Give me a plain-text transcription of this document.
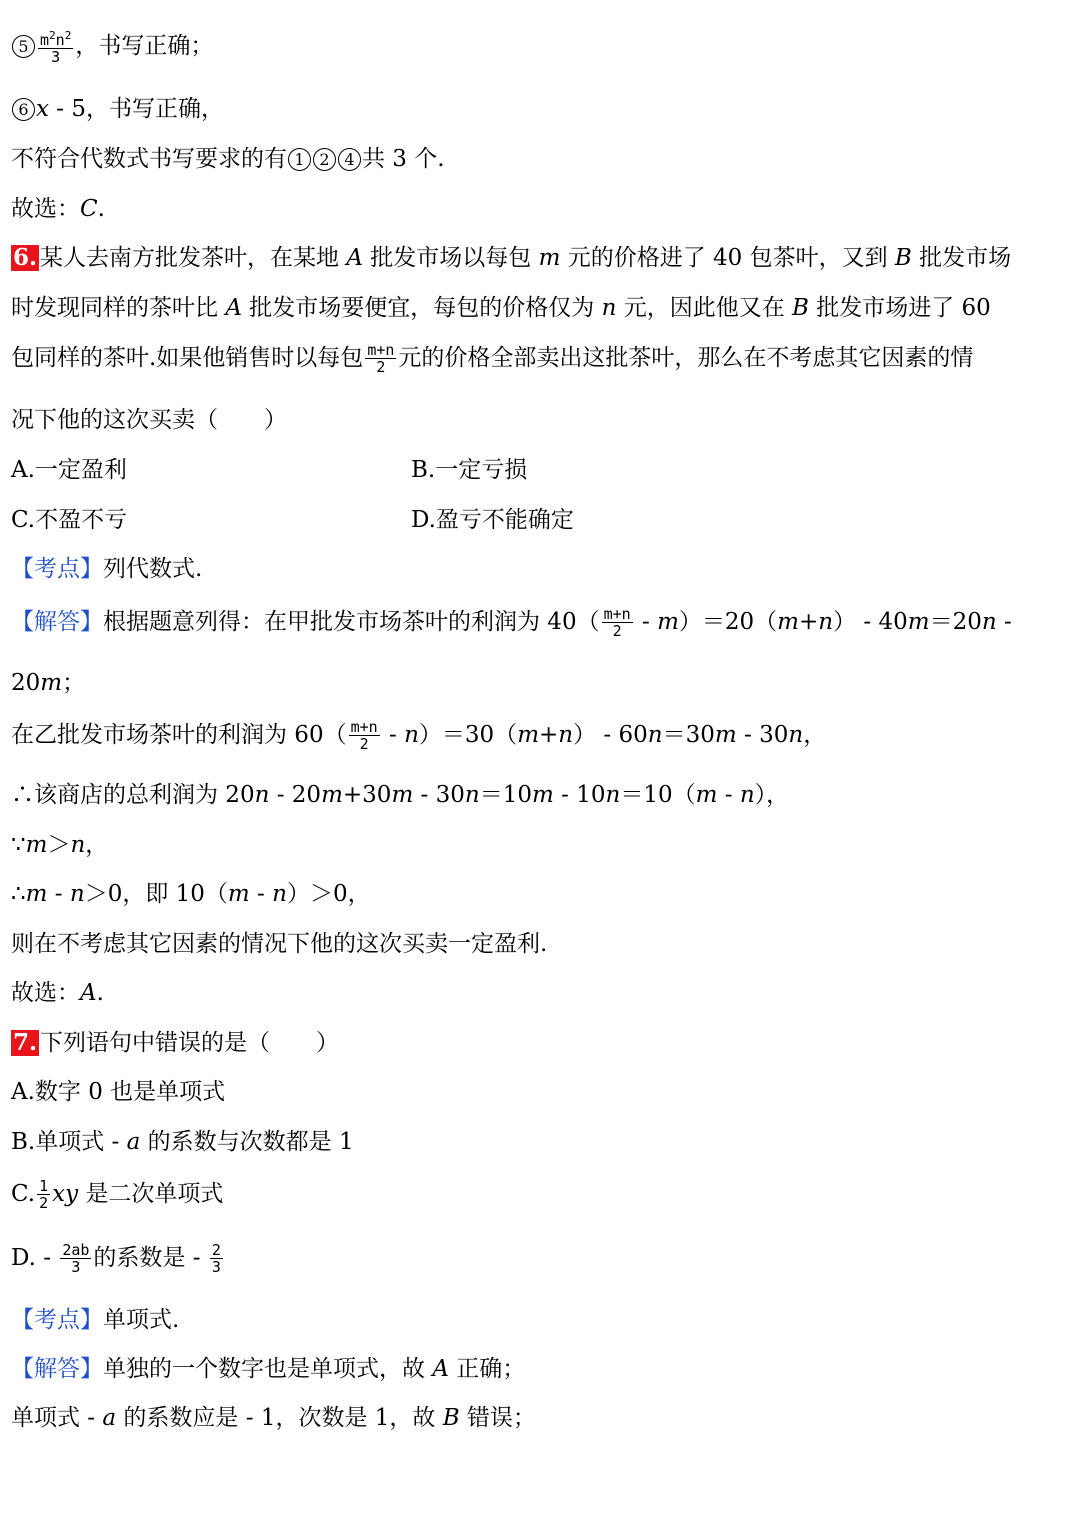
$5 \frac{m^2n^2}{3}$ ，书写正确；
6 x - 5，书写正确，
不符合代数式书写要求的有 1 2 4 共 3 个.
故选：C.
6. 某人去南方批发茶叶，在某地 A 批发市场以每包 m 元的价格进了 40 包茶叶，又到 B 批发市场
时发现同样的茶叶比 A 批发市场要便宜，每包的价格仅为 n 元，因此他又在 B 批发市场进了 60
包同样的茶叶.如果他销售时以每包 $\frac{m+n}{2}$ 元的价格全部卖出这批茶叶，那么在不考虑其它因素的情
况下他的这次买卖（　　）
A.一定盈利	B.一定亏损
C.不盈不亏	D.盈亏不能确定
【考点】列代数式.
【解答】根据题意列得：在甲批发市场茶叶的利润为 $40( \frac{m+n}{2} - m)=20(m+n) - 40m=20n$ -
20m；
在乙批发市场茶叶的利润为 $60( \frac{m+n}{2} - n)=30(m+n) - 60n=30m - 30n$，
∴该商店的总利润为 20n - 20m+30m - 30n＝10m - 10n＝10（m - n），
∵m＞n，
∴m - n＞0，即 10（m - n）＞0，
则在不考虑其它因素的情况下他的这次买卖一定盈利.
故选：A.
7. 下列语句中错误的是（　　）
A.数字 0 也是单项式
B.单项式 - a 的系数与次数都是 1
C. $\frac{1}{2}$ xy 是二次单项式
D. - $\frac{2ab}{3}$ 的系数是 - $\frac{2}{3}$
【考点】单项式.
【解答】单独的一个数字也是单项式，故 A 正确；
单项式 - a 的系数应是 - 1，次数是 1，故 B 错误；
